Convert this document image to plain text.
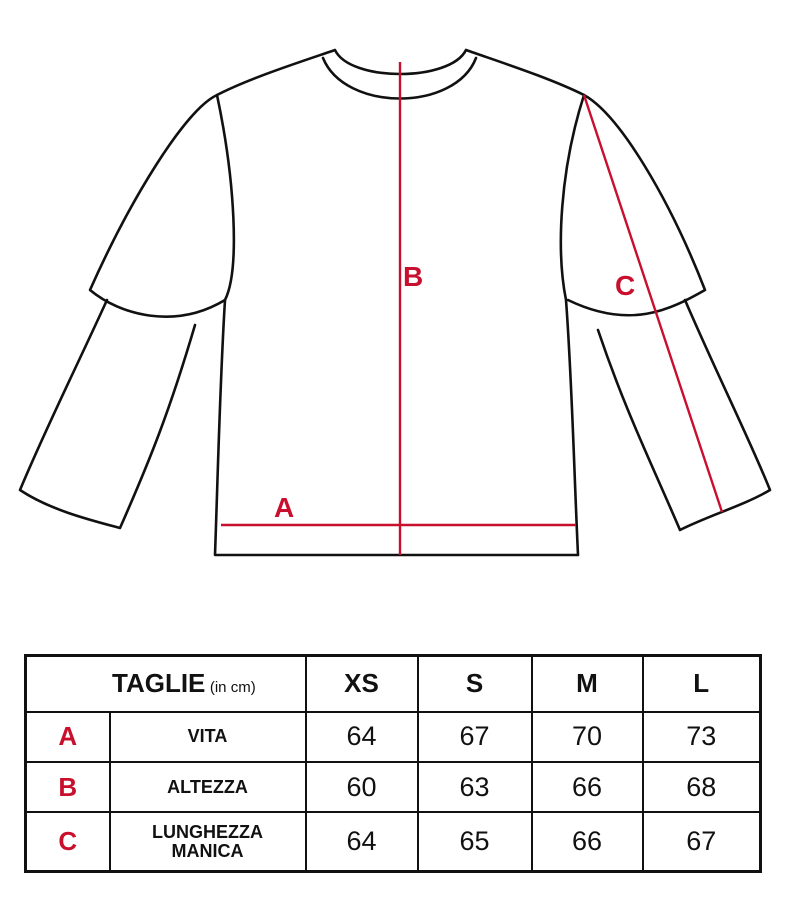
A
B	C
TAGLIE (in cm)		XS	S	M	L
A	VITA	64	67	70	73
B	ALTEZZA	60	63	66	68
C	LUNGHEZZA MANICA	64	65	66	67
